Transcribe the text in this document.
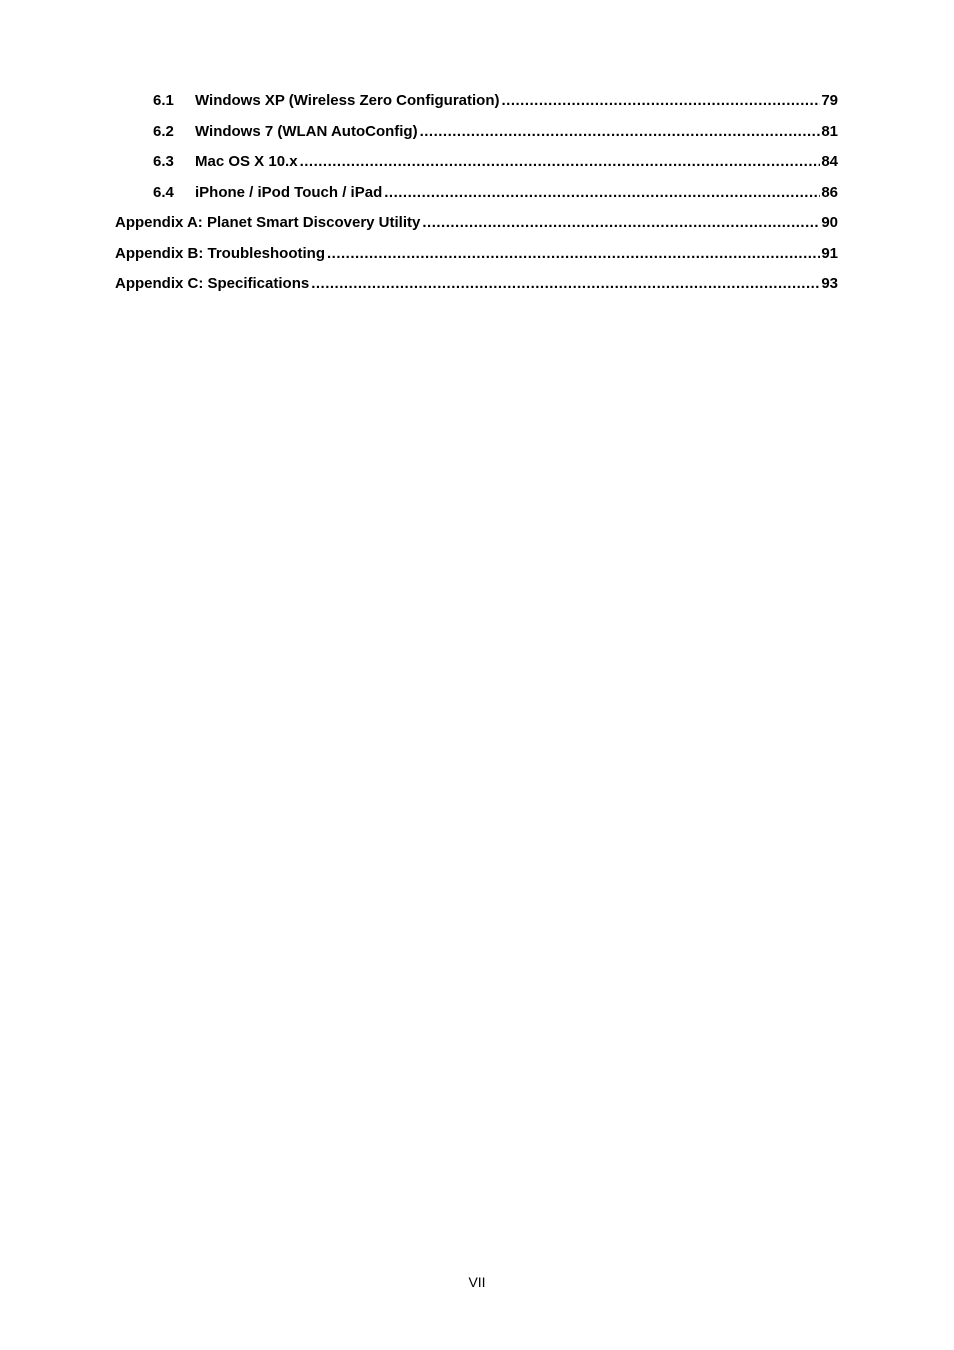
6.1	Windows XP (Wireless Zero Configuration) .....	79
6.2	Windows 7 (WLAN AutoConfig) .....	81
6.3	Mac OS X 10.x .....	84
6.4	iPhone / iPod Touch / iPad .....	86
Appendix A: Planet Smart Discovery Utility .....	90
Appendix B: Troubleshooting .....	91
Appendix C: Specifications .....	93
VII
